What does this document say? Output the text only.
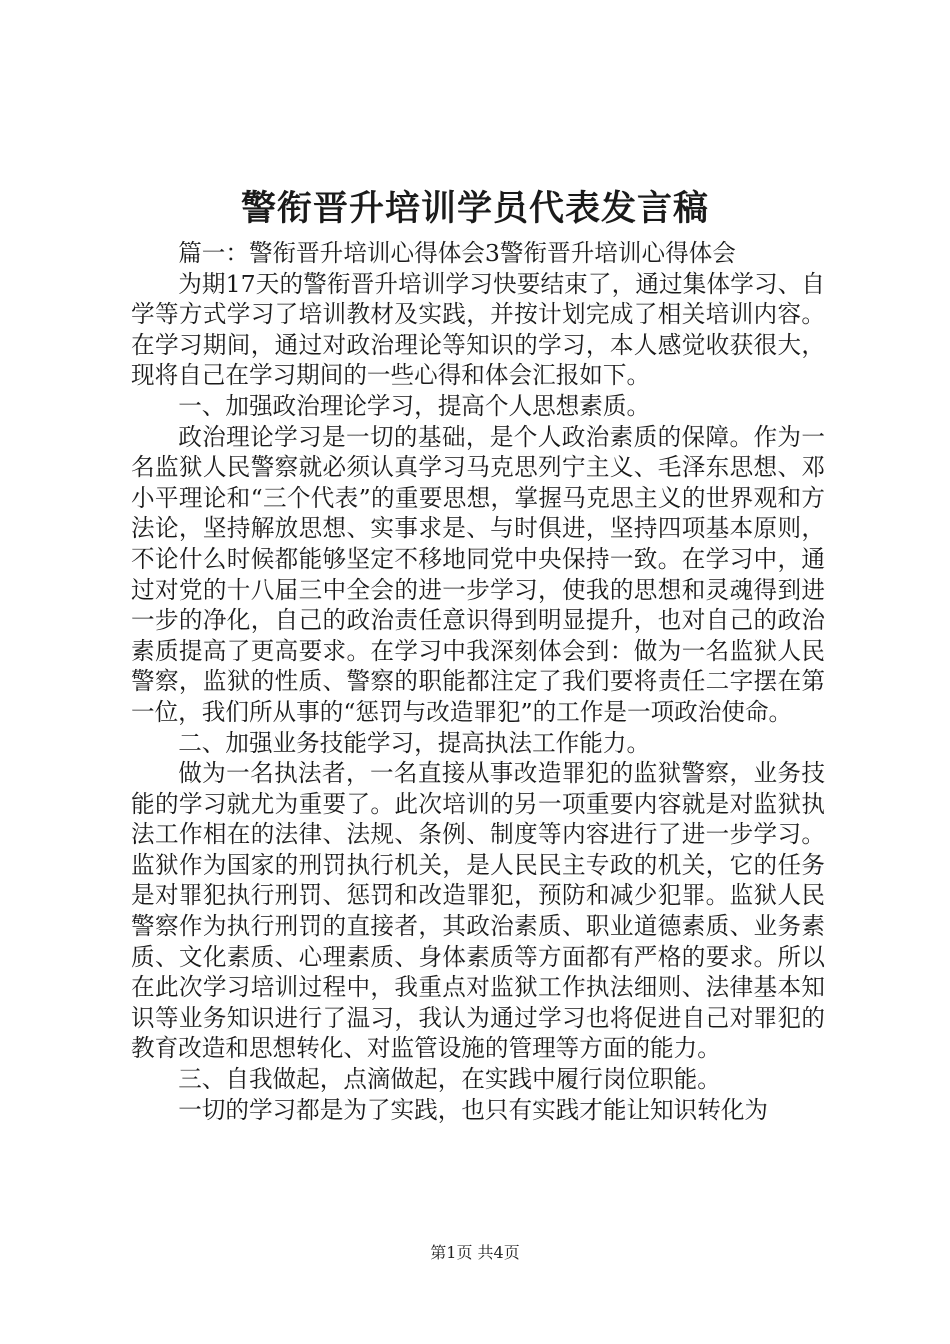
警衔晋升培训学员代表发言稿

篇一：警衔晋升培训心得体会3警衔晋升培训心得体会

为期17天的警衔晋升培训学习快要结束了，通过集体学习、自学等方式学习了培训教材及实践，并按计划完成了相关培训内容。在学习期间，通过对政治理论等知识的学习，本人感觉收获很大，现将自己在学习期间的一些心得和体会汇报如下。

一、加强政治理论学习，提高个人思想素质。

政治理论学习是一切的基础，是个人政治素质的保障。作为一名监狱人民警察就必须认真学习马克思列宁主义、毛泽东思想、邓小平理论和“三个代表”的重要思想，掌握马克思主义的世界观和方法论，坚持解放思想、实事求是、与时俱进，坚持四项基本原则，不论什么时候都能够坚定不移地同党中央保持一致。在学习中，通过对党的十八届三中全会的进一步学习，使我的思想和灵魂得到进一步的净化，自己的政治责任意识得到明显提升，也对自己的政治素质提高了更高要求。在学习中我深刻体会到：做为一名监狱人民警察，监狱的性质、警察的职能都注定了我们要将责任二字摆在第一位，我们所从事的“惩罚与改造罪犯”的工作是一项政治使命。

二、加强业务技能学习，提高执法工作能力。

做为一名执法者，一名直接从事改造罪犯的监狱警察，业务技能的学习就尤为重要了。此次培训的另一项重要内容就是对监狱执法工作相在的法律、法规、条例、制度等内容进行了进一步学习。监狱作为国家的刑罚执行机关，是人民民主专政的机关，它的任务是对罪犯执行刑罚、惩罚和改造罪犯，预防和减少犯罪。监狱人民警察作为执行刑罚的直接者，其政治素质、职业道德素质、业务素质、文化素质、心理素质、身体素质等方面都有严格的要求。所以在此次学习培训过程中，我重点对监狱工作执法细则、法律基本知识等业务知识进行了温习，我认为通过学习也将促进自己对罪犯的教育改造和思想转化、对监管设施的管理等方面的能力。

三、自我做起，点滴做起，在实践中履行岗位职能。

一切的学习都是为了实践，也只有实践才能让知识转化为

第1页 共4页
